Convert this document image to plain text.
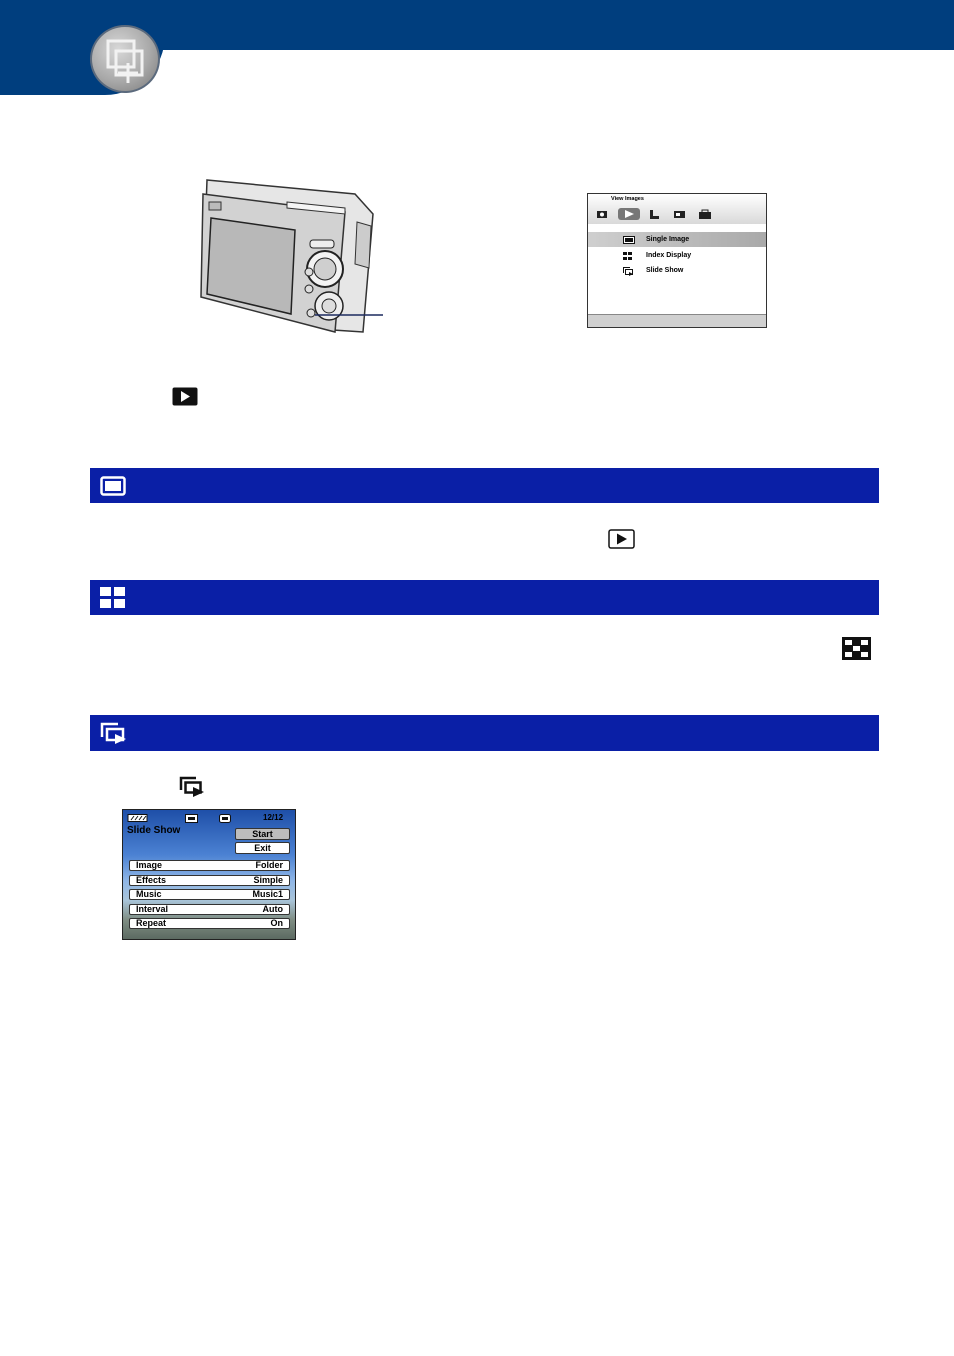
View Images
Single Image
Index Display
Slide Show
12/12
Slide Show	Start
Exit
Image	Folder
Effects	Simple
Music	Music1
Interval	Auto
Repeat	On
